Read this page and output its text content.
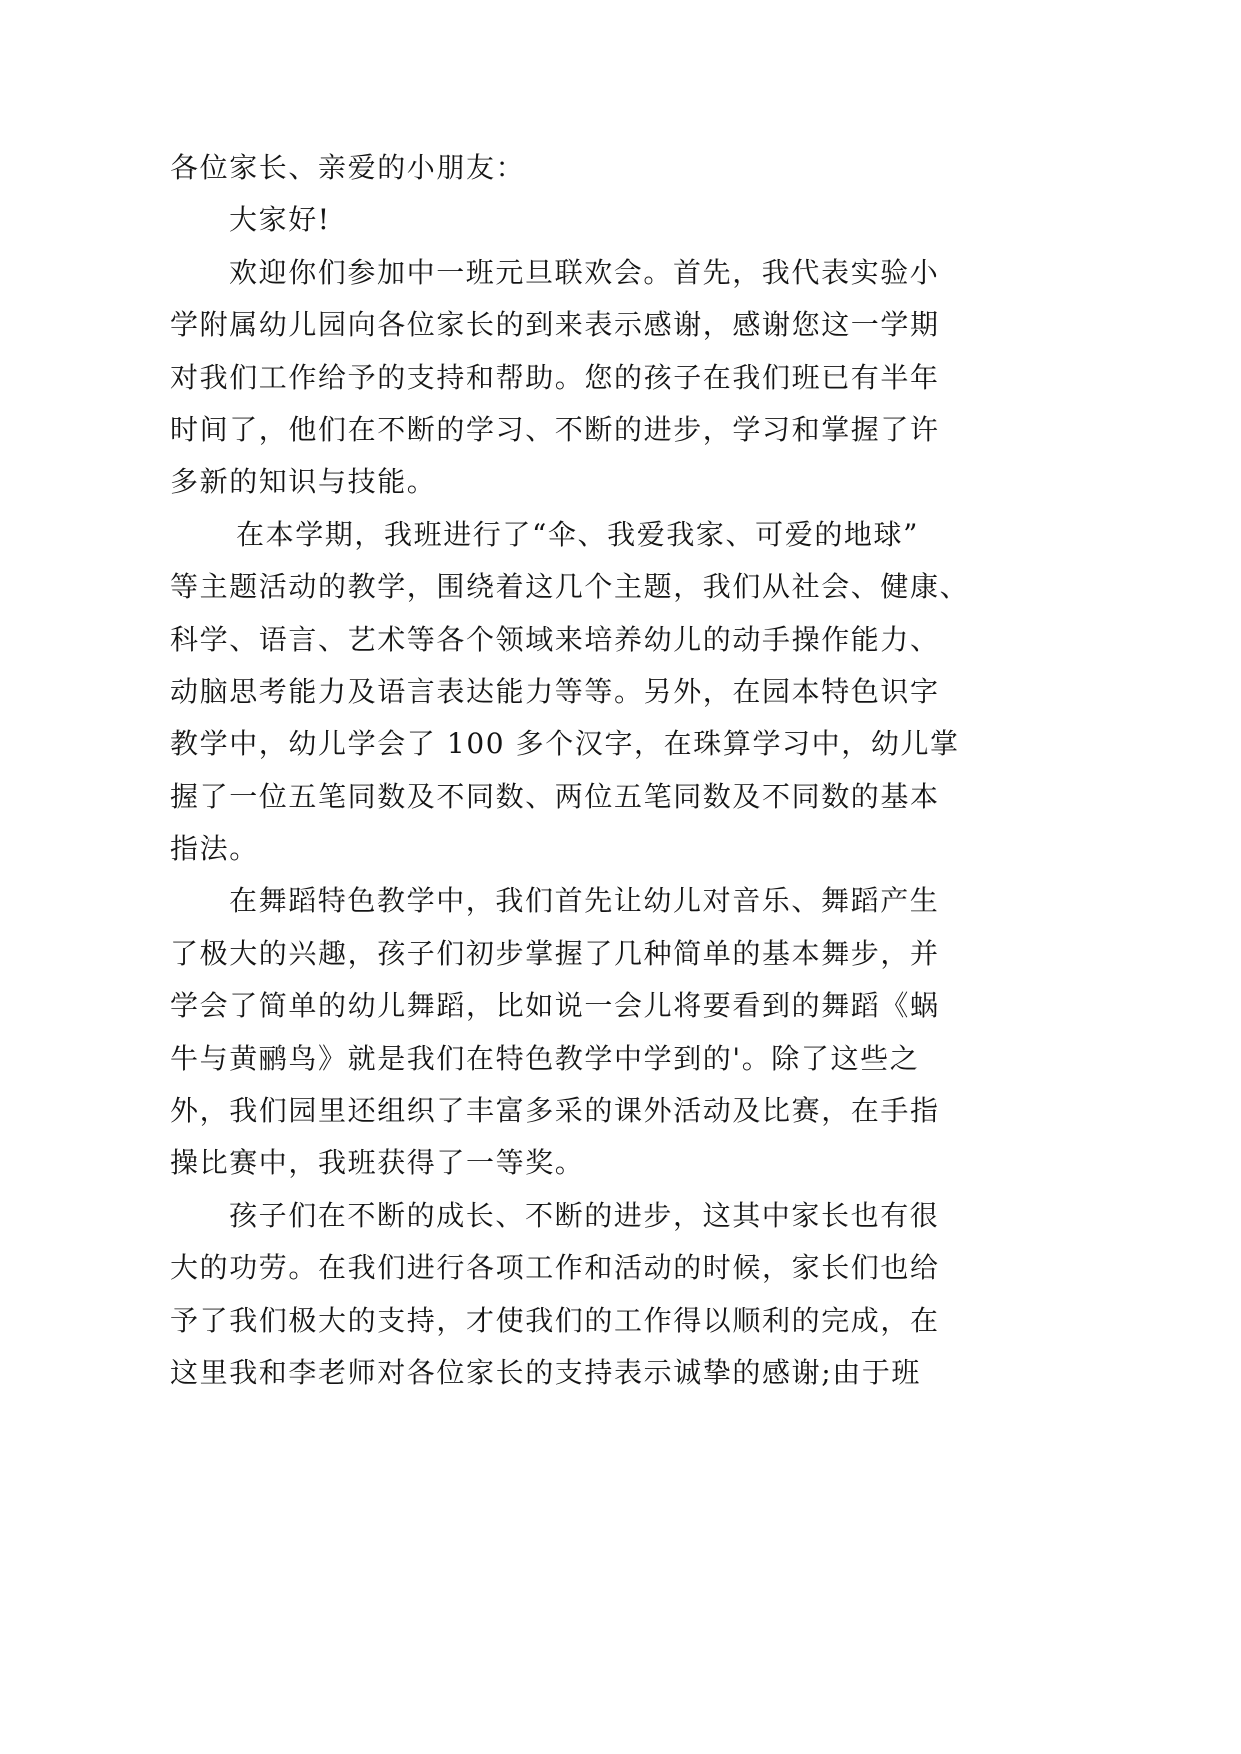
各位家长、亲爱的小朋友：
大家好!
欢迎你们参加中一班元旦联欢会。首先，我代表实验小
学附属幼儿园向各位家长的到来表示感谢，感谢您这一学期
对我们工作给予的支持和帮助。您的孩子在我们班已有半年
时间了，他们在不断的学习、不断的进步，学习和掌握了许
多新的知识与技能。
在本学期，我班进行了“伞、我爱我家、可爱的地球”
等主题活动的教学，围绕着这几个主题，我们从社会、健康、
科学、语言、艺术等各个领域来培养幼儿的动手操作能力、
动脑思考能力及语言表达能力等等。另外，在园本特色识字
教学中，幼儿学会了 100 多个汉字，在珠算学习中，幼儿掌
握了一位五笔同数及不同数、两位五笔同数及不同数的基本
指法。
在舞蹈特色教学中，我们首先让幼儿对音乐、舞蹈产生
了极大的兴趣，孩子们初步掌握了几种简单的基本舞步，并
学会了简单的幼儿舞蹈，比如说一会儿将要看到的舞蹈《蜗
牛与黄鹂鸟》就是我们在特色教学中学到的'。除了这些之
外，我们园里还组织了丰富多采的课外活动及比赛，在手指
操比赛中，我班获得了一等奖。
孩子们在不断的成长、不断的进步，这其中家长也有很
大的功劳。在我们进行各项工作和活动的时候，家长们也给
予了我们极大的支持，才使我们的工作得以顺利的完成，在
这里我和李老师对各位家长的支持表示诚挚的感谢;由于班
